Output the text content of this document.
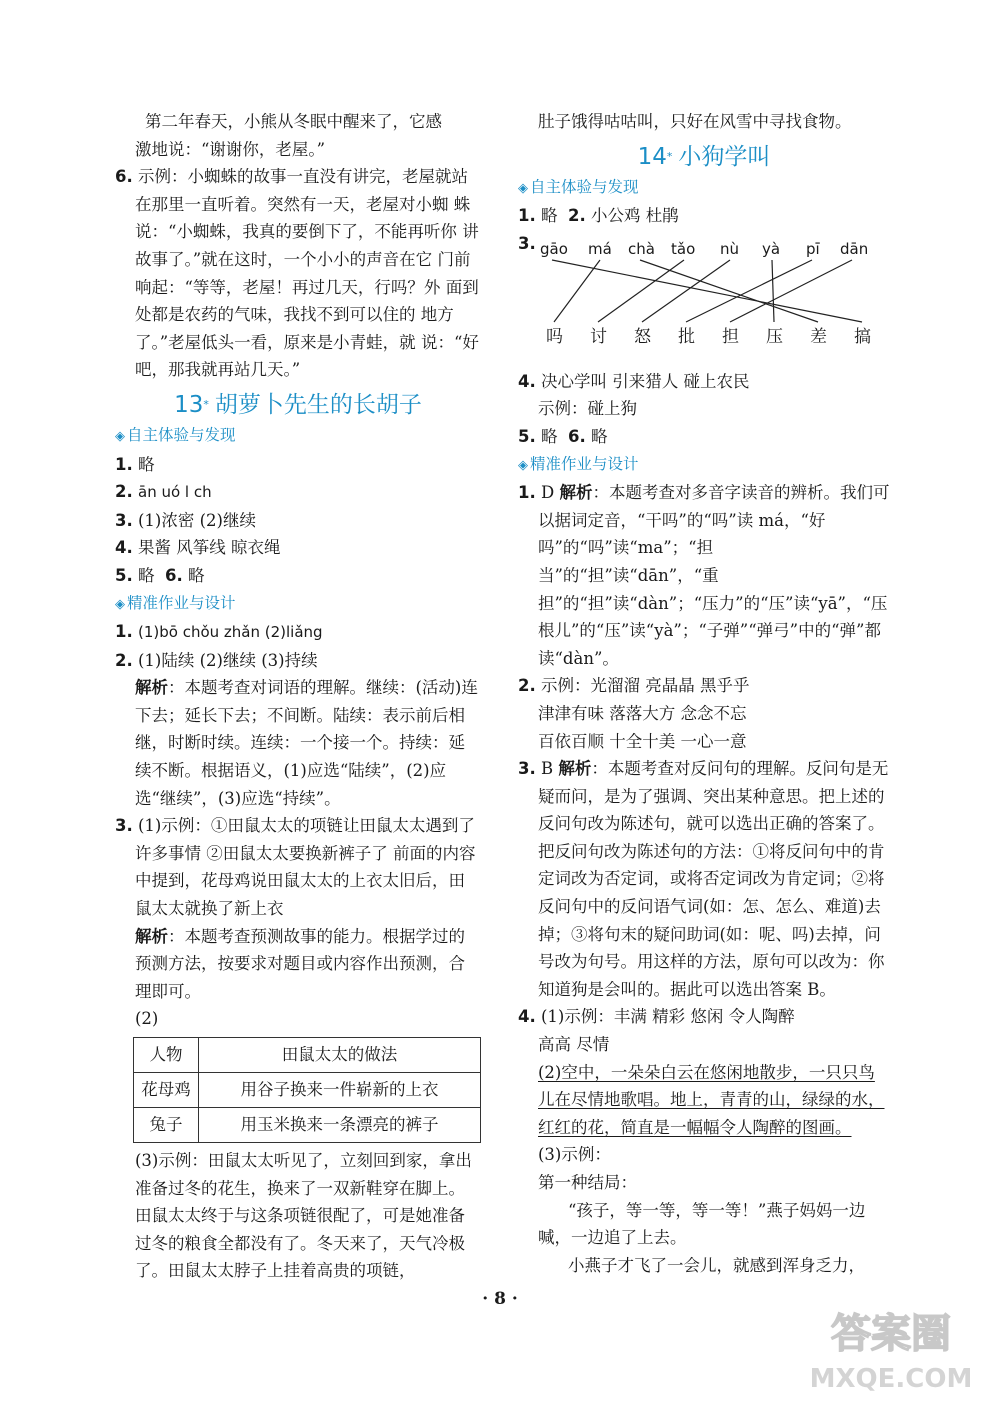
第二年春天，小熊从冬眠中醒来了，它感

激地说：“谢谢你，老屋。”

6. 示例：小蜘蛛的故事一直没有讲完，老屋就站 在那里一直听着。突然有一天，老屋对小蜘 蛛说：“小蜘蛛，我真的要倒下了，不能再听你 讲故事了。”就在这时，一个小小的声音在它 门前响起：“等等，老屋！再过几天，行吗？外 面到处都是农药的气味，我找不到可以住的 地方了。”老屋低头一看，原来是小青蛙，就 说：“好吧，那我就再站几天。”
13* 胡萝卜先生的长胡子

◈ 自主体验与发现

1. 略

2. ān uó l ch

3. (1)浓密 (2)继续

4. 果酱 风筝线 晾衣绳

5. 略 6. 略

◈ 精准作业与设计

1. (1)bō chǒu zhǎn (2)liǎng

2. (1)陆续 (2)继续 (3)持续

解析：本题考查对词语的理解。继续：(活动)连下去；延长下去；不间断。陆续：表示前后相继，时断时续。连续：一个接一个。持续：延续不断。根据语义，(1)应选“陆续”，(2)应选“继续”，(3)应选“持续”。

3. (1)示例：①田鼠太太的项链让田鼠太太遇到了许多事情 ②田鼠太太要换新裤子了 前面的内容中提到，花母鸡说田鼠太太的上衣太旧后，田鼠太太就换了新上衣

解析：本题考查预测故事的能力。根据学过的预测方法，按要求对题目或内容作出预测，合理即可。

(2)

人物	田鼠太太的做法
花母鸡	用谷子换来一件崭新的上衣
兔子	用玉米换来一条漂亮的裤子

(3)示例：田鼠太太听见了，立刻回到家，拿出准备过冬的花生，换来了一双新鞋穿在脚上。田鼠太太终于与这条项链很配了，可是她准备过冬的粮食全都没有了。冬天来了，天气冷极了。田鼠太太脖子上挂着高贵的项链，

肚子饿得咕咕叫，只好在风雪中寻找食物。

14* 小狗学叫

◈ 自主体验与发现

1. 略 2. 小公鸡 杜鹃

3.

4. 决心学叫 引来猎人 碰上农民

示例：碰上狗

5. 略 6. 略

◈ 精准作业与设计

1. D 解析：本题考查对多音字读音的辨析。我们可以据词定音，“干吗”的“吗”读 má，“好吗”的“吗”读“ma”；“担当”的“担”读“dān”，“重担”的“担”读“dàn”；“压力”的“压”读“yā”，“压根儿”的“压”读“yà”；“子弹”“弹弓”中的“弹”都读“dàn”。

2. 示例：光溜溜 亮晶晶 黑乎乎

津津有味 落落大方 念念不忘

百依百顺 十全十美 一心一意

3. B 解析：本题考查对反问句的理解。反问句是无疑而问，是为了强调、突出某种意思。把上述的反问句改为陈述句，就可以选出正确的答案了。把反问句改为陈述句的方法：①将反问句中的肯定词改为否定词，或将否定词改为肯定词；②将反问句中的反问语气词(如：怎、怎么、难道)去掉；③将句末的疑问助词(如：呢、吗)去掉，问号改为句号。用这样的方法，原句可以改为：你知道狗是会叫的。据此可以选出答案 B。

4. (1)示例：丰满 精彩 悠闲 令人陶醉

高高 尽情

(2)空中，一朵朵白云在悠闲地散步，一只只鸟儿在尽情地歌唱。地上，青青的山，绿绿的水，红红的花，简直是一幅幅令人陶醉的图画。

(3)示例：

第一种结局：

“孩子，等一等，等一等！”燕子妈妈一边喊，一边追了上去。

小燕子才飞了一会儿，就感到浑身乏力，

gāo má chà tǎo nù yà pī dān
吗 讨 怒 批 担 压 差 搞
· 8 ·
答案圈
MXQE.COM
